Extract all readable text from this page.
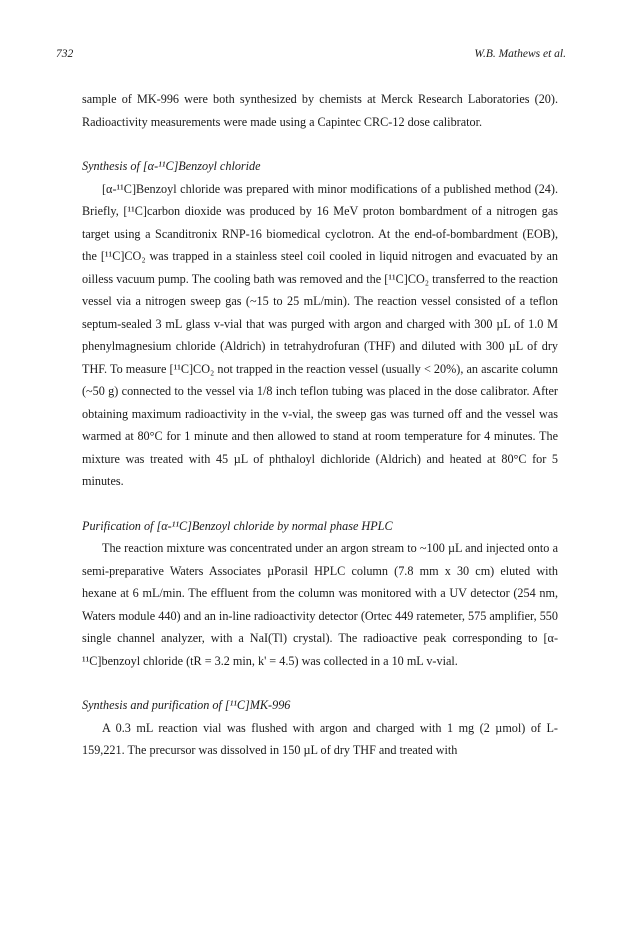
732	W.B. Mathews et al.

sample of MK-996 were both synthesized by chemists at Merck Research Laboratories (20). Radioactivity measurements were made using a Capintec CRC-12 dose calibrator.

Synthesis of [α-¹¹C]Benzoyl chloride

[α-¹¹C]Benzoyl chloride was prepared with minor modifications of a published method (24). Briefly, [¹¹C]carbon dioxide was produced by 16 MeV proton bombardment of a nitrogen gas target using a Scanditronix RNP-16 biomedical cyclotron. At the end-of-bombardment (EOB), the [¹¹C]CO₂ was trapped in a stainless steel coil cooled in liquid nitrogen and evacuated by an oilless vacuum pump. The cooling bath was removed and the [¹¹C]CO₂ transferred to the reaction vessel via a nitrogen sweep gas (~15 to 25 mL/min). The reaction vessel consisted of a teflon septum-sealed 3 mL glass v-vial that was purged with argon and charged with 300 µL of 1.0 M phenylmagnesium chloride (Aldrich) in tetrahydrofuran (THF) and diluted with 300 µL of dry THF. To measure [¹¹C]CO₂ not trapped in the reaction vessel (usually < 20%), an ascarite column (~50 g) connected to the vessel via 1/8 inch teflon tubing was placed in the dose calibrator. After obtaining maximum radioactivity in the v-vial, the sweep gas was turned off and the vessel was warmed at 80°C for 1 minute and then allowed to stand at room temperature for 4 minutes. The mixture was treated with 45 µL of phthaloyl dichloride (Aldrich) and heated at 80°C for 5 minutes.

Purification of [α-¹¹C]Benzoyl chloride by normal phase HPLC

The reaction mixture was concentrated under an argon stream to ~100 µL and injected onto a semi-preparative Waters Associates µPorasil HPLC column (7.8 mm x 30 cm) eluted with hexane at 6 mL/min. The effluent from the column was monitored with a UV detector (254 nm, Waters module 440) and an in-line radioactivity detector (Ortec 449 ratemeter, 575 amplifier, 550 single channel analyzer, with a NaI(Tl) crystal). The radioactive peak corresponding to [α-¹¹C]benzoyl chloride (tR = 3.2 min, k' = 4.5) was collected in a 10 mL v-vial.

Synthesis and purification of [¹¹C]MK-996

A 0.3 mL reaction vial was flushed with argon and charged with 1 mg (2 µmol) of L-159,221. The precursor was dissolved in 150 µL of dry THF and treated with
